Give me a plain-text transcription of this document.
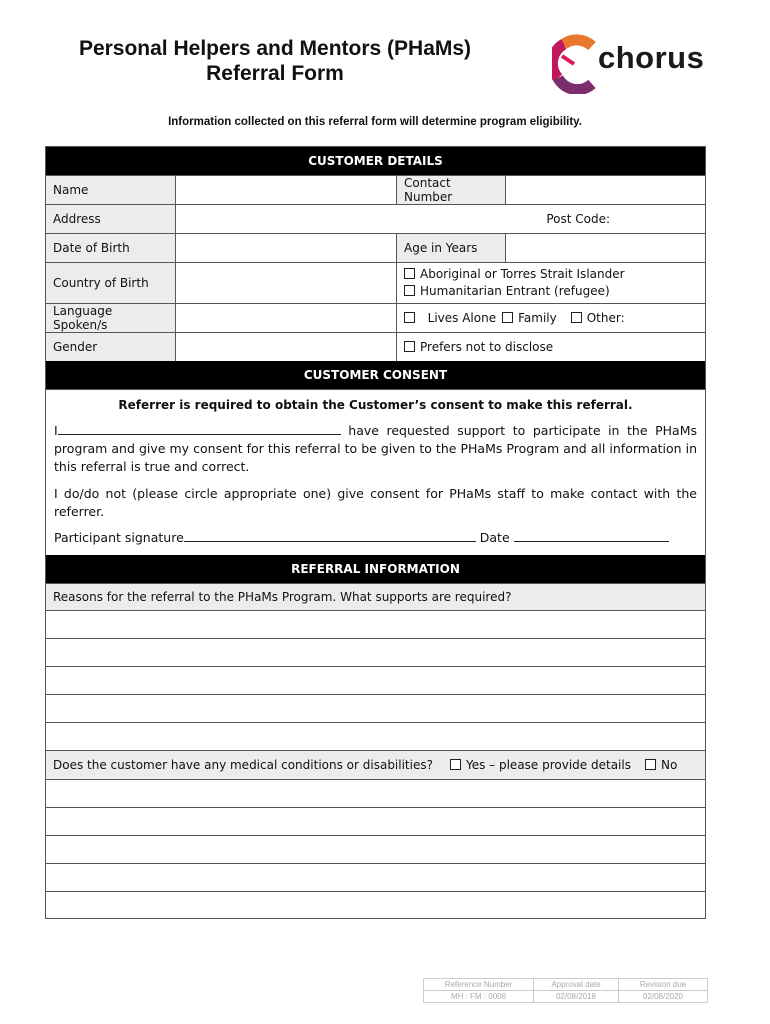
Personal Helpers and Mentors (PHaMs)
Referral Form	chorus
Information collected on this referral form will determine program eligibility.
CUSTOMER DETAILS
Name	Contact Number
Address	Post Code:
Date of Birth	Age in Years
Country of Birth
Aboriginal or Torres Strait Islander
Humanitarian Entrant (refugee)
Language Spoken/s	Lives Alone	Family	Other:
Gender	Prefers not to disclose
CUSTOMER CONSENT

Referrer is required to obtain the Customer’s consent to make this referral.

I	have requested support to participate in the PHaMs program and give my consent for this referral to be given to the PHaMs Program and all information in this referral is true and correct.

I do/do not (please circle appropriate one) give consent for PHaMs staff to make contact with the referrer.

Participant signature	Date

REFERRAL INFORMATION
Reasons for the referral to the PHaMs Program. What supports are required?
Does the customer have any medical conditions or disabilities?	Yes – please provide details	No
Reference Number	Approval date	Revision due
MH : FM : 0006	02/08/2018	02/08/2020
